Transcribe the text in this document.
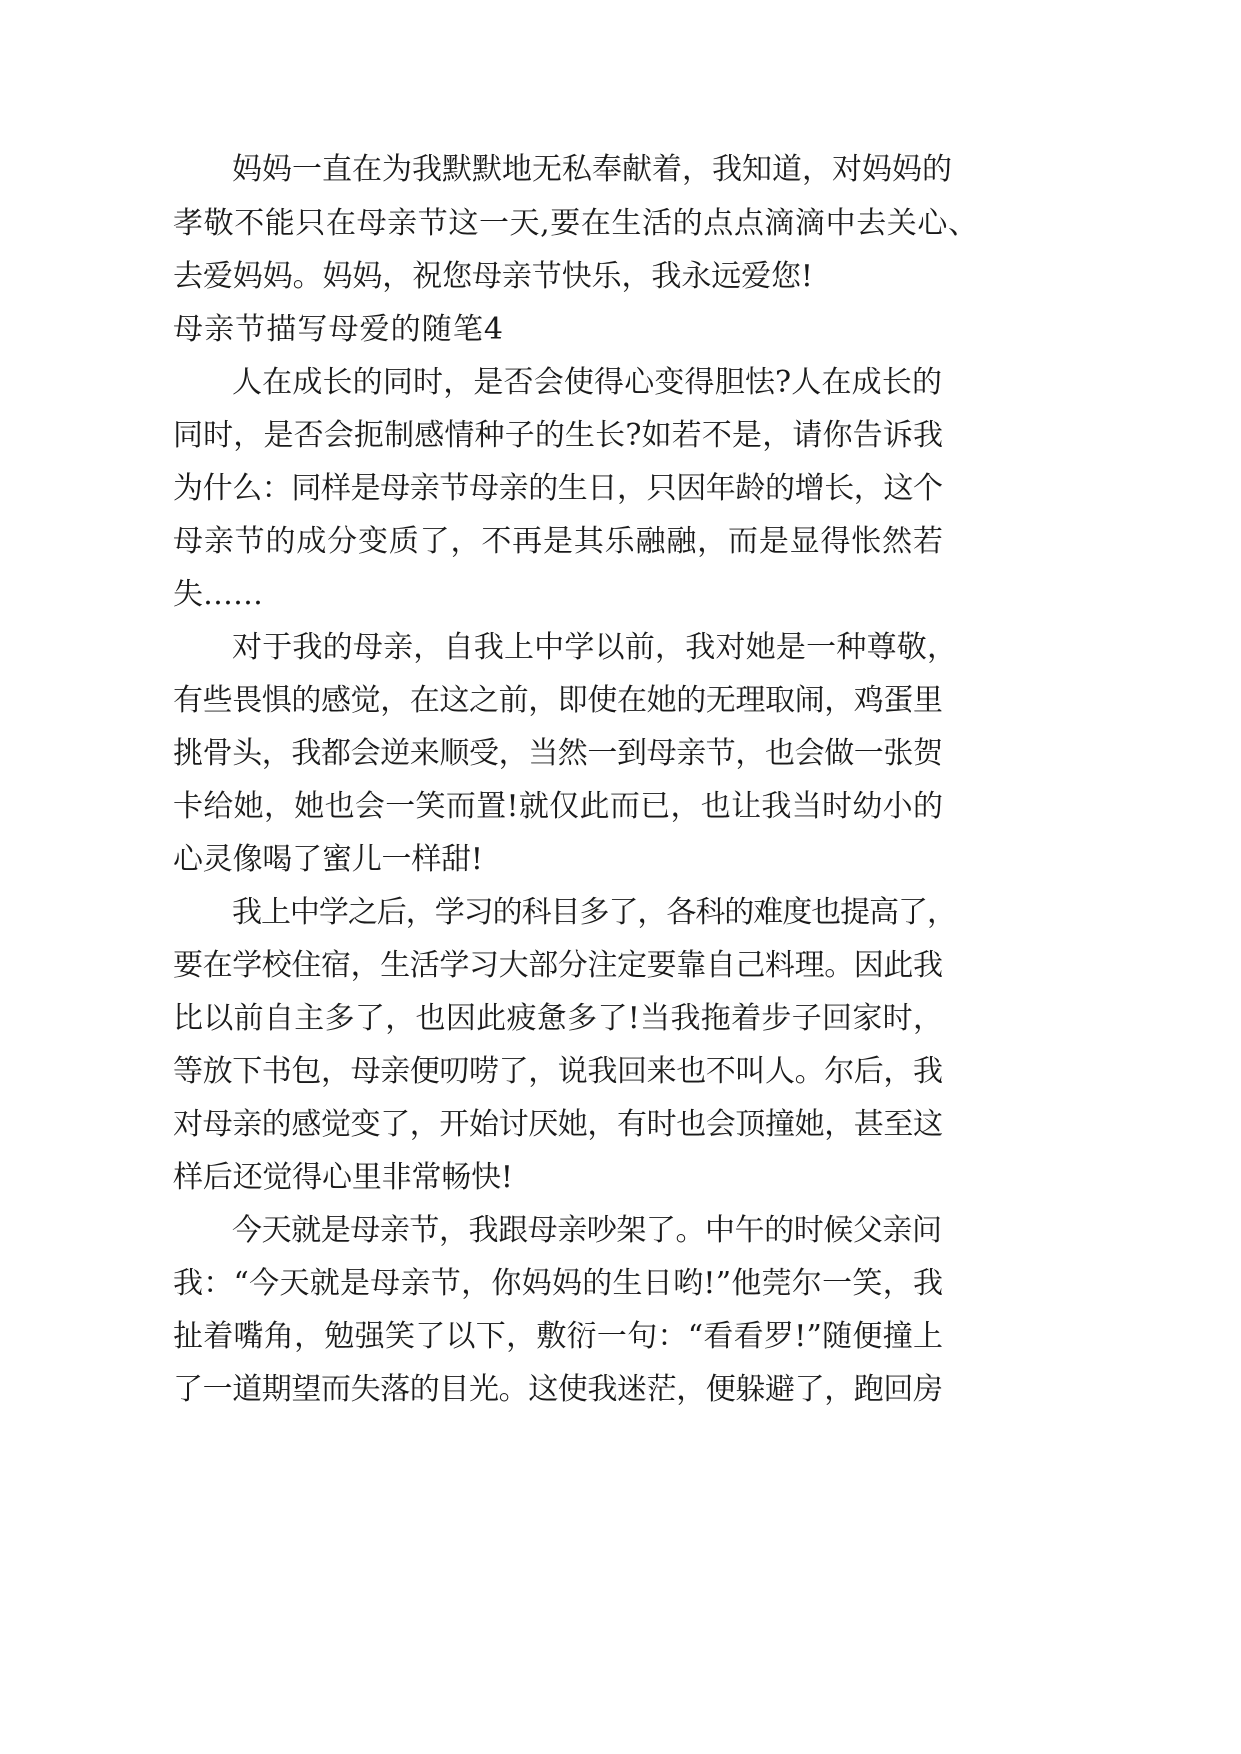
妈妈一直在为我默默地无私奉献着，我知道，对妈妈的
孝敬不能只在母亲节这一天,要在生活的点点滴滴中去关心、
去爱妈妈。妈妈，祝您母亲节快乐，我永远爱您!
母亲节描写母爱的随笔4
人在成长的同时，是否会使得心变得胆怯?人在成长的
同时，是否会扼制感情种子的生长?如若不是，请你告诉我
为什么：同样是母亲节母亲的生日，只因年龄的增长，这个
母亲节的成分变质了，不再是其乐融融，而是显得怅然若
失……
对于我的母亲，自我上中学以前，我对她是一种尊敬，
有些畏惧的感觉，在这之前，即使在她的无理取闹，鸡蛋里
挑骨头，我都会逆来顺受，当然一到母亲节，也会做一张贺
卡给她，她也会一笑而置!就仅此而已，也让我当时幼小的
心灵像喝了蜜儿一样甜!
我上中学之后，学习的科目多了，各科的难度也提高了，
要在学校住宿，生活学习大部分注定要靠自己料理。因此我
比以前自主多了，也因此疲惫多了!当我拖着步子回家时，
等放下书包，母亲便叨唠了，说我回来也不叫人。尔后，我
对母亲的感觉变了，开始讨厌她，有时也会顶撞她，甚至这
样后还觉得心里非常畅快!
今天就是母亲节，我跟母亲吵架了。中午的时候父亲问
我：“今天就是母亲节，你妈妈的生日哟!”他莞尔一笑，我
扯着嘴角，勉强笑了以下，敷衍一句：“看看罗!”随便撞上
了一道期望而失落的目光。这使我迷茫，便躲避了，跑回房
